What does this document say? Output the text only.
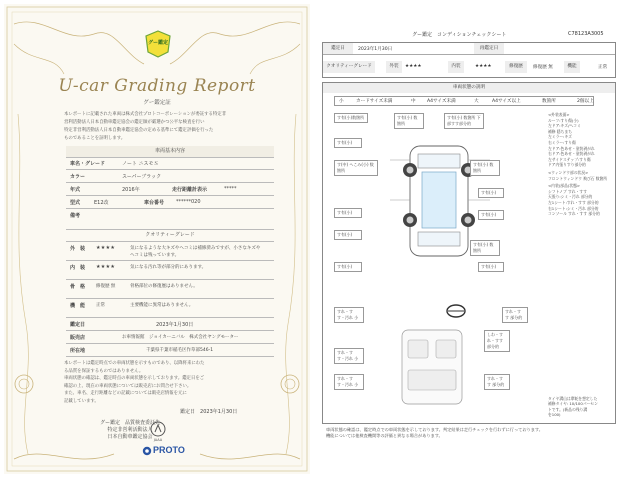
グー鑑定
U-car Grading Report
グー鑑定証
本レポートに記載された車両は株式会社プロトコーポレーションが委託する特定非
営利活動法人日本自動車鑑定協会の鑑定師が厳選かつ公平な検査を行い
特定非営利活動法人日本自動車鑑定協会の定める基準にて鑑定評価を行った
ものであることを証明します。
車両基本内容
車名・グレード	ノート ニスモＳ
カラー	スーパーブラック
年式	2016年	走行距離計表示	*****
型式	E12改	車台番号 ******020
備考
クオリティーグレード
外　装 ★★★★	気になるような大キズやヘコミは補修済みですが、小さなキズや
ヘコミは残っています。
内　装 ★★★★	気になる汚れ等が部分的にあります。
骨　格 修復歴 無	骨格部位の修復歴はありません。
機　能 正常	主要機能に異常はありません。
鑑定日	2023年1月30日
販売店	お車情報館　ジョイカーニバル　株式会社ヤングモーター
所在地	千葉県千葉市稲毛区作草部546-1
本レポートは鑑定時点での車両状態を示すものであり、以降将来にわた
る品質を保証するものではありません。
車両状態の確認は、鑑定時点の車両状態を示しております。鑑定日をご
確認の上、現在の車両状態については販売店にお問合せ下さい。
また、車名、走行距離などの記載については販売店情報を元に
記載しています。
鑑定日　 2023年1月30日
グー鑑定　品質検査委託先
特定非営利活動法人
日本自動車鑑定協会 JAAA
PROTO
C78123A3005
グー鑑定　コンディションチェックシート
鑑定日	2023年1月30日	再鑑定日
クオリティーグレード	外装	★★★★	内装	★★★★	修復歴	修復歴 無	機能	正常
車両状態の説明
小	カードサイズ未満	中 A4サイズ未満	大	A4サイズ以上	数箇所	2個以上
す有(小)数箇所
す有(小)
す(中) へこみ(小) 数箇所
す有(小)
す有(小)
す有(小)
す有(小) 数箇所
す有(小) 数箇所 下部すす部分的
す有(小) 数箇所
す有(小)
す有(小)
す有(小) 数箇所
す有(小)
<外装表面>
ルーフ:すり傷(小)
左ドア:キズ/ヘコミ
補修 隠ちまち
左ミラー:キズ
右ミラー:すり傷
左ドア:色あせ・塗装剥がれ
右ドア:色あせ・塗装剥がれ
左サイドステップ:すり傷
ドア内張りすり部分的
<ウィンドウ部の状況>
フロントウィンドウ 飛び石 数箇所
<内装(部品)状態>
シフトノブ すれ・すす
天張り:シミ・汚れ 部分的
左1シート:すれ・すす 部分的
右1シート:シミ・汚れ 部分的
コンソール すれ・すす 部分的
すれ・すす・汚れ 小
すれ・すす 部分的
しわ・すれ・すす 部分的
すれ・すす・汚れ 小
すれ・すす・汚れ 小
すれ・すす 部分的
タイヤ溝山は摩耗を想定した
補修タイヤ: 10/100パーセン
トです。(新品の残り溝
を100)
車両状態の確認は、鑑定時点での車両状態を示しております。判定結果は走行チェックを行わずに行っております。
機能については他検査機関等の評価と異なる場合があります。
